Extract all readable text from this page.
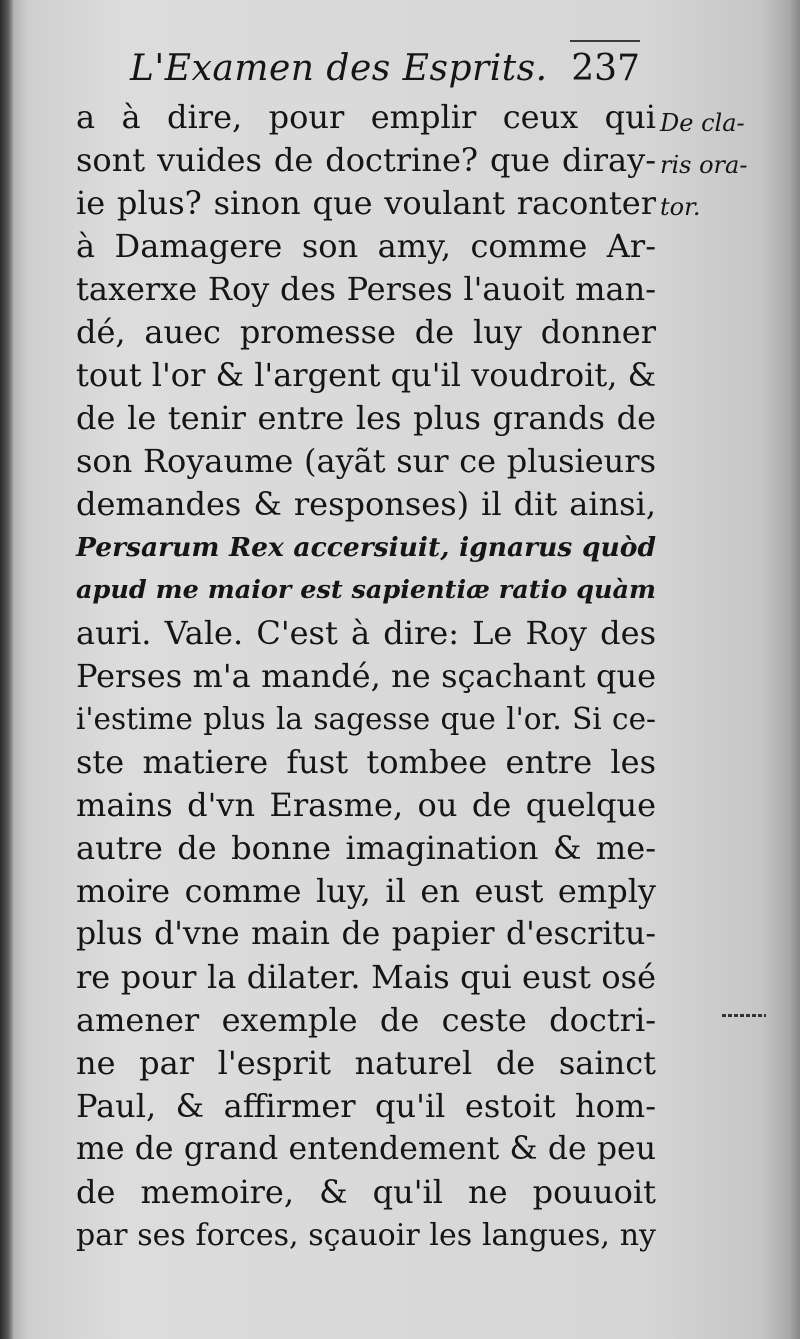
L'Examen des Esprits. 237
De cla-
ris ora-
tor.
a à dire, pour emplir ceux qui
sont vuides de doctrine? que diray-
ie plus? sinon que voulant raconter
à Damagere son amy, comme Ar-
taxerxe Roy des Perses l'auoit man-
dé, auec promesse de luy donner
tout l'or & l'argent qu'il voudroit, &
de le tenir entre les plus grands de
son Royaume (ayãt sur ce plusieurs
demandes & responses) il dit ainsi,
Persarum Rex accersiuit, ignarus quòd
apud me maior est sapientiæ ratio quàm
auri. Vale. C'est à dire: Le Roy des
Perses m'a mandé, ne sçachant que
i'estime plus la sagesse que l'or. Si ce-
ste matiere fust tombee entre les
mains d'vn Erasme, ou de quelque
autre de bonne imagination & me-
moire comme luy, il en eust emply
plus d'vne main de papier d'escritu-
re pour la dilater. Mais qui eust osé
amener exemple de ceste doctri-
ne par l'esprit naturel de sainct
Paul, & affirmer qu'il estoit hom-
me de grand entendement & de peu
de memoire, & qu'il ne pouuoit
par ses forces, sçauoir les langues, ny
